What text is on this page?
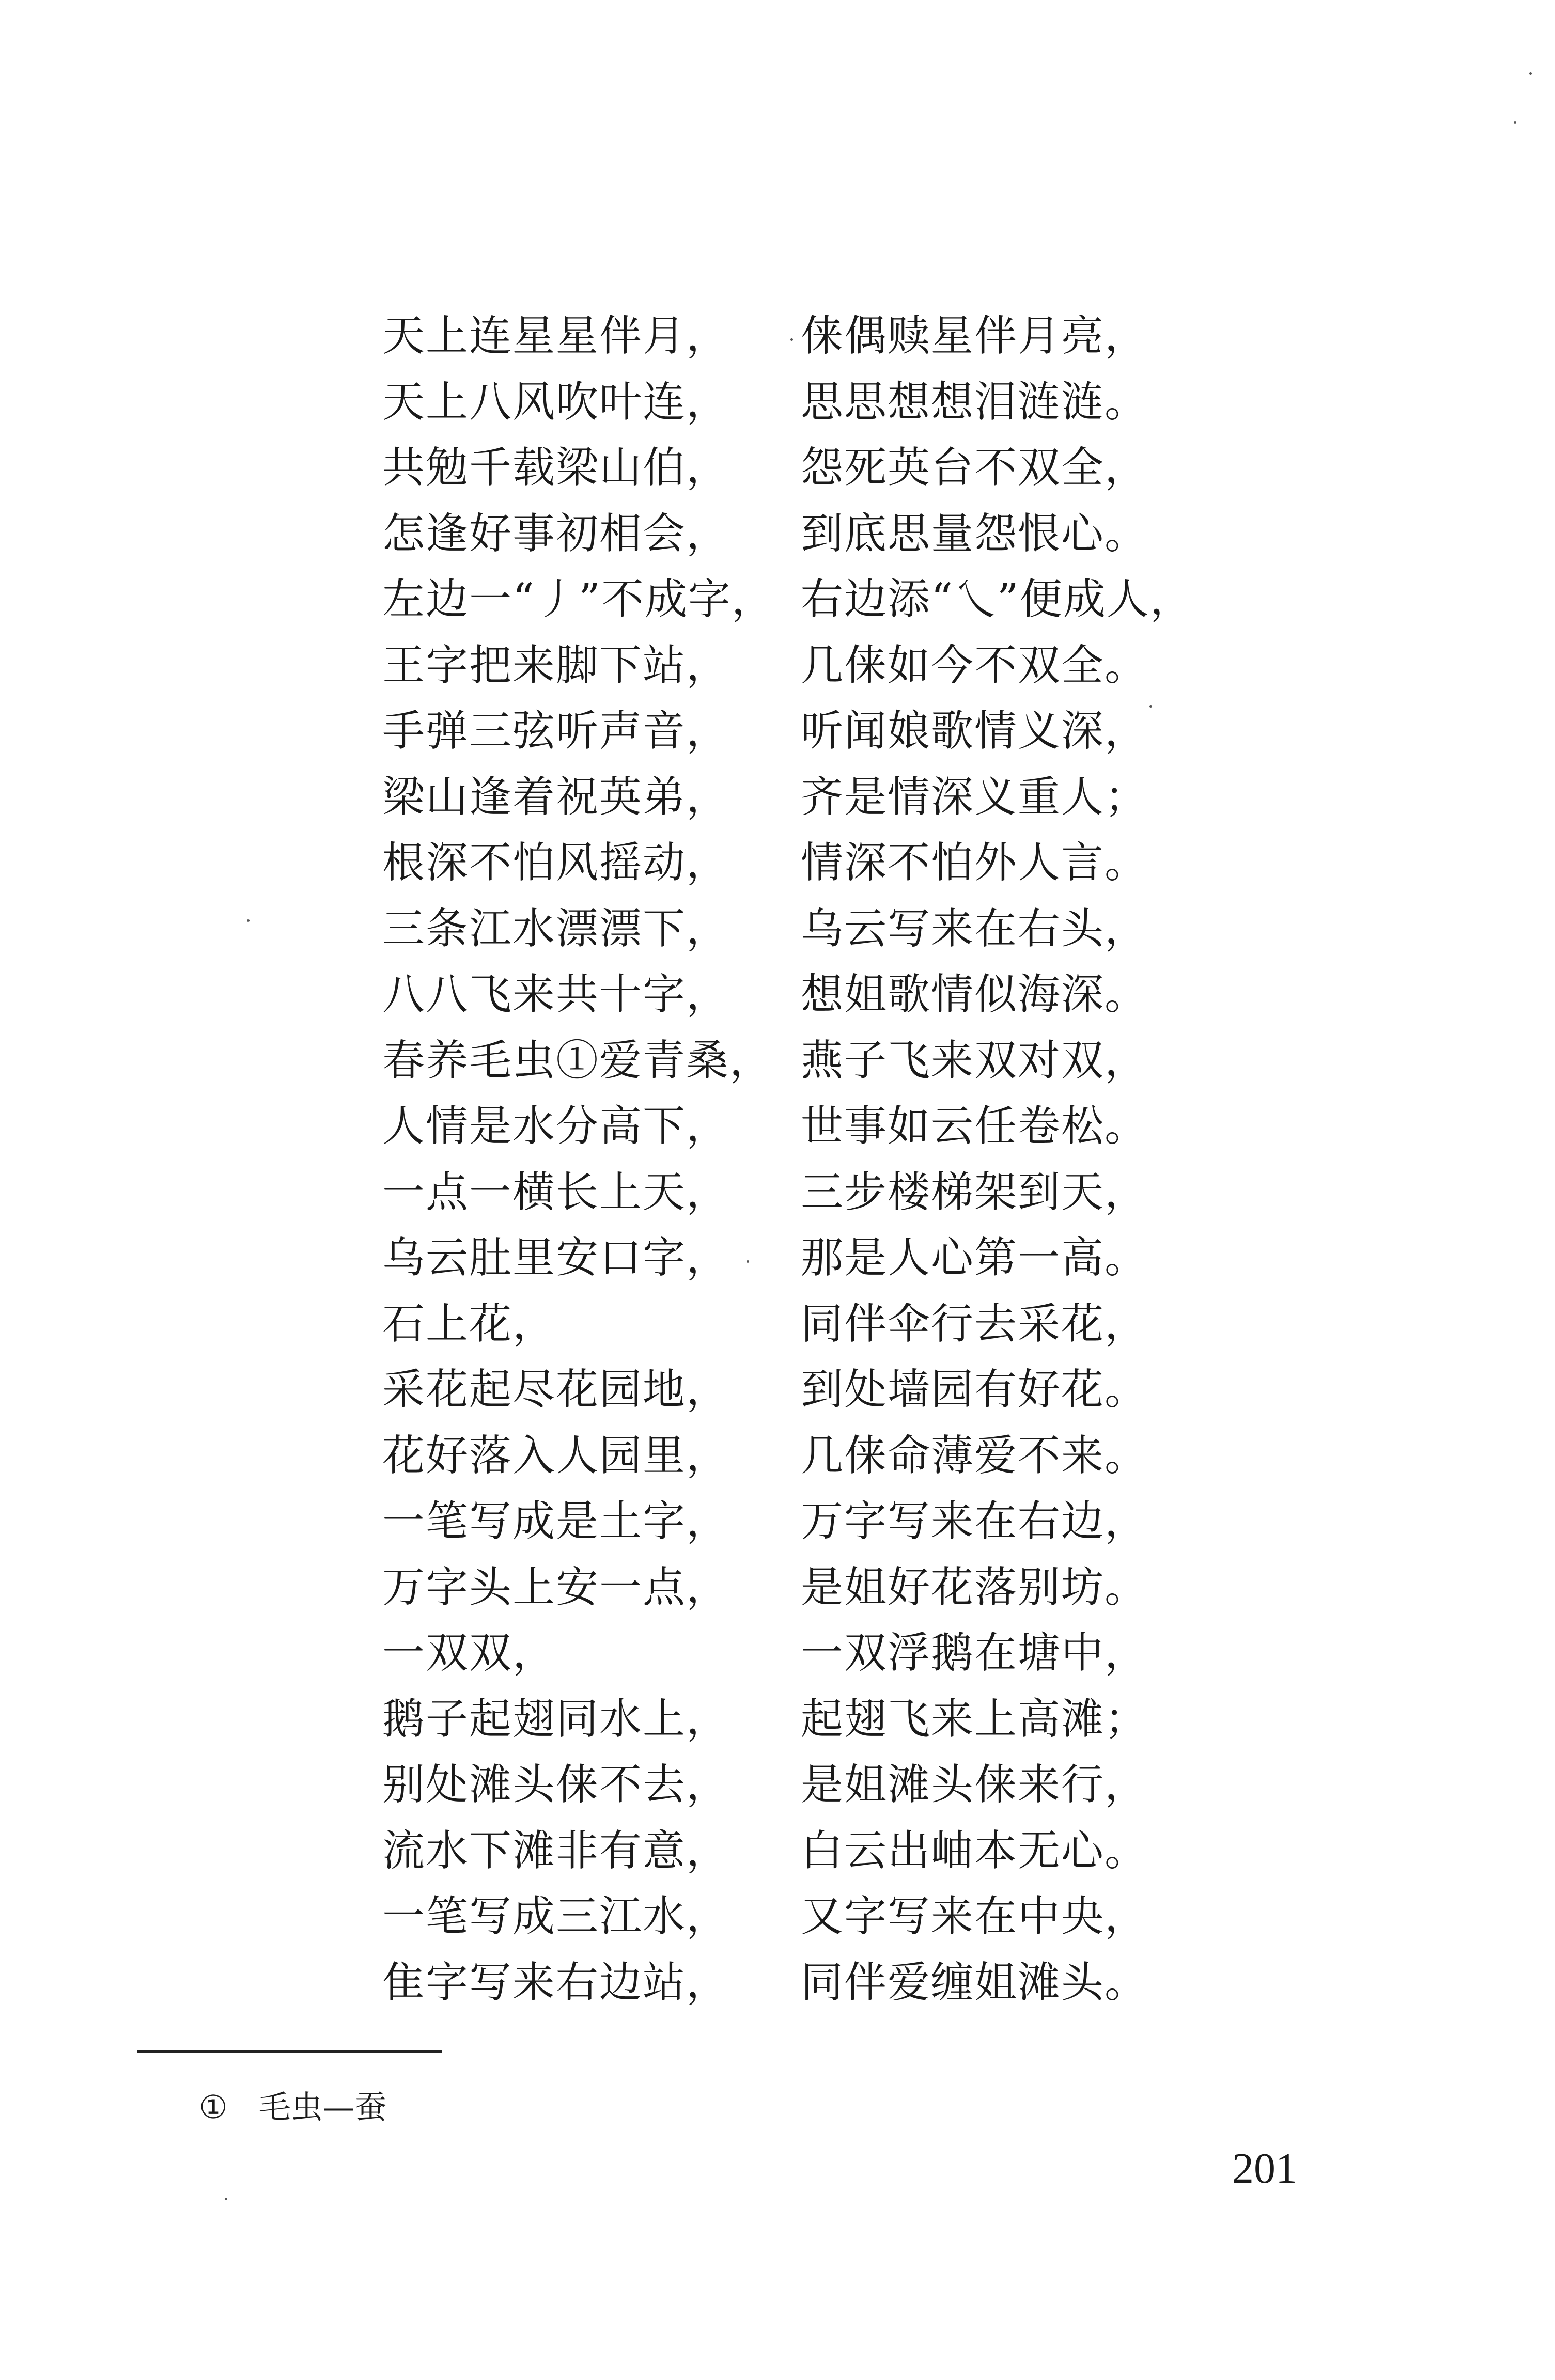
天上连星星伴月，	俫偶赎星伴月亮，
天上八风吹叶连，	思思想想泪涟涟。
共勉千载梁山伯，	怨死英台不双全，
怎逢好事初相会，	到底思量怨恨心。
左边一“丿”不成字， 右边添“乀”便成人，
王字把来脚下站，	几俫如今不双全。
手弹三弦听声音，	听闻娘歌情义深，
梁山逢着祝英弟，	齐是情深义重人；
根深不怕风摇动，	情深不怕外人言。
三条江水漂漂下，	乌云写来在右头，
八八飞来共十字，	想姐歌情似海深。
春养毛虫①爱青桑， 燕子飞来双对双，
人情是水分高下，	世事如云任卷松。
一点一横长上天，	三步楼梯架到天，
乌云肚里安口字，	那是人心第一高。
石上花，	同伴伞行去采花，
采花起尽花园地，	到处墙园有好花。
花好落入人园里，	几俫命薄爱不来。
一笔写成是土字，	万字写来在右边，
万字头上安一点，	是姐好花落别坊。
一双双，	一双浮鹅在塘中，
鹅子起翅同水上，	起翅飞来上高滩；
别处滩头俫不去，	是姐滩头俫来行，
流水下滩非有意，	白云出岫本无心。
一笔写成三江水，	又字写来在中央，
隹字写来右边站，	同伴爱缠姐滩头。
① 毛虫—蚕
201
